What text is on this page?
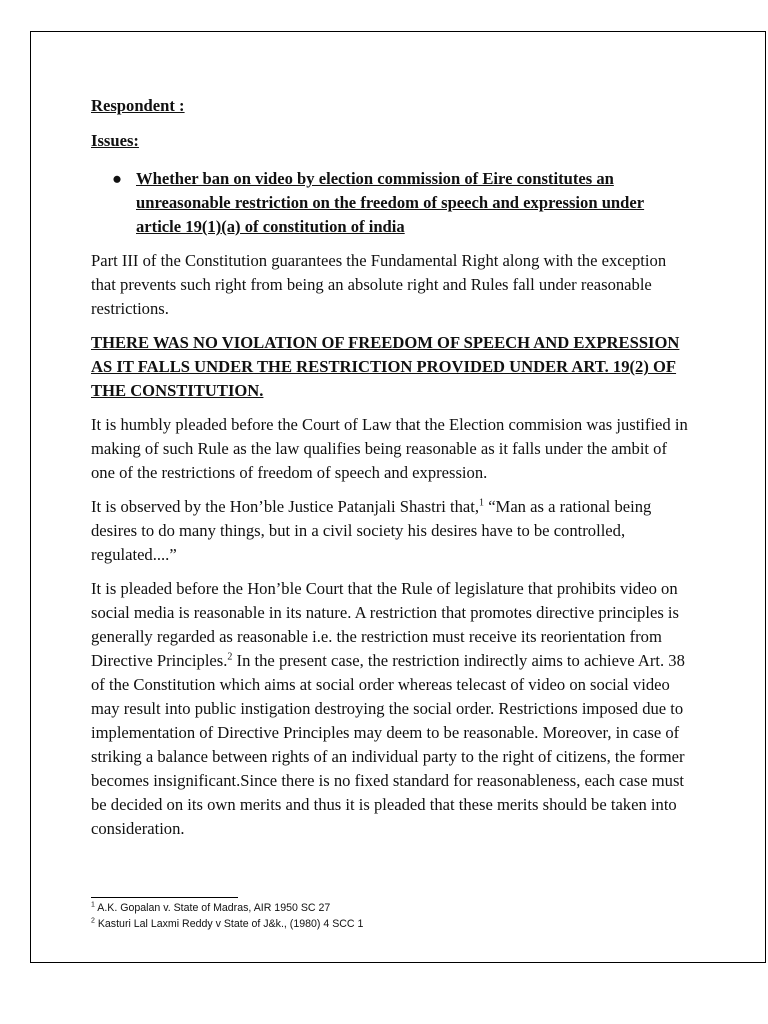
Respondent :

Issues:

● Whether ban on video by election commission of Eire constitutes an unreasonable restriction on the freedom of speech and expression under article 19(1)(a) of constitution of india

Part III of the Constitution guarantees the Fundamental Right along with the exception that prevents such right from being an absolute right and Rules fall under reasonable restrictions.

THERE WAS NO VIOLATION OF FREEDOM OF SPEECH AND EXPRESSION AS IT FALLS UNDER THE RESTRICTION PROVIDED UNDER ART. 19(2) OF THE CONSTITUTION.

It is humbly pleaded before the Court of Law that the Election commision was justified in making of such Rule as the law qualifies being reasonable as it falls under the ambit of one of the restrictions of freedom of speech and expression.

It is observed by the Hon’ble Justice Patanjali Shastri that,$^1$ “Man as a rational being desires to do many things, but in a civil society his desires have to be controlled, regulated....”

It is pleaded before the Hon’ble Court that the Rule of legislature that prohibits video on social media is reasonable in its nature. A restriction that promotes directive principles is generally regarded as reasonable i.e. the restriction must receive its reorientation from Directive Principles.$^2$ In the present case, the restriction indirectly aims to achieve Art. 38 of the Constitution which aims at social order whereas telecast of video on social video may result into public instigation destroying the social order. Restrictions imposed due to implementation of Directive Principles may deem to be reasonable. Moreover, in case of striking a balance between rights of an individual party to the right of citizens, the former becomes insignificant.Since there is no fixed standard for reasonableness, each case must be decided on its own merits and thus it is pleaded that these merits should be taken into consideration.

$^1$ A.K. Gopalan v. State of Madras, AIR 1950 SC 27
$^2$ Kasturi Lal Laxmi Reddy v State of J&k., (1980) 4 SCC 1
